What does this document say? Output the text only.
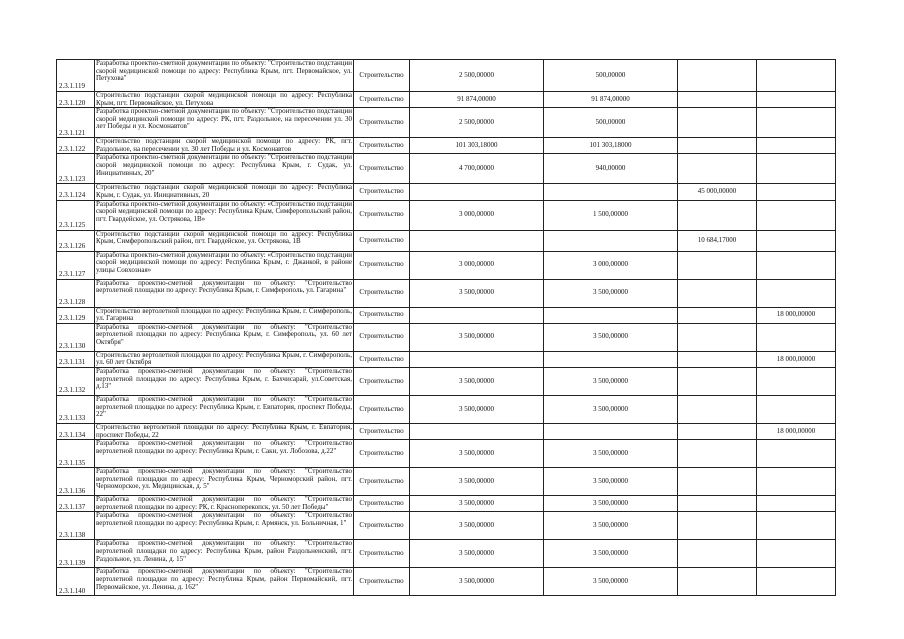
2.3.1.119	Разработка проектно-сметной документации по объекту: "Строительство подстанции скорой медицинской помощи по адресу: Республика Крым, пгт. Первомайское, ул. Петухова"	Строительство	2 500,00000	500,00000			
2.3.1.120	Строительство подстанции скорой медицинской помощи по адресу: Республика Крым, пгт. Первомайское, ул. Петухова	Строительство	91 874,00000	91 874,00000			
2.3.1.121	Разработка проектно-сметной документации по объекту: "Строительство подстанции скорой медицинской помощи по адресу: РК, пгт. Раздольное, на пересечении ул. 30 лет Победы и ул. Космонавтов"	Строительство	2 500,00000	500,00000			
2.3.1.122	Строительство подстанции скорой медицинской помощи по адресу: РК, пгт. Раздольное, на пересечении ул. 30 лет Победы и ул. Космонавтов	Строительство	101 303,18000	101 303,18000			
2.3.1.123	Разработка проектно-сметной документации по объекту: "Строительство подстанции скорой медицинской помощи по адресу: Республика Крым, г. Судак, ул. Инициативных, 20"	Строительство	4 700,00000	940,00000			
2.3.1.124	Строительство подстанции скорой медицинской помощи по адресу: Республика Крым, г. Судак, ул. Инициативных, 20	Строительство			45 000,00000		
2.3.1.125	Разработка проектно-сметной документации по объекту: «Строительство подстанции скорой медицинской помощи по адресу: Республика Крым, Симферопольский район, пгт. Гвардейское, ул. Острякова, 1В»	Строительство	3 000,00000	1 500,00000			
2.3.1.126	Строительство подстанции скорой медицинской помощи по адресу: Республика Крым, Симферопольский район, пгт. Гвардейское, ул. Острякова, 1В	Строительство			10 684,17000		
2.3.1.127	Разработка проектно-сметной документации по объекту: «Строительство подстанции скорой медицинской помощи по адресу: Республика Крым, г. Джанкой, в районе улицы Совхозная»	Строительство	3 000,00000	3 000,00000			
2.3.1.128	Разработка проектно-сметной документации по объекту: "Строительство вертолетной площадки по адресу: Республика Крым, г. Симферополь, ул. Гагарина"	Строительство	3 500,00000	3 500,00000			
2.3.1.129	Строительство вертолетной площадки по адресу: Республика Крым, г. Симферополь, ул. Гагарина	Строительство				18 000,00000	
2.3.1.130	Разработка проектно-сметной документации по объекту: "Строительство вертолетной площадки по адресу: Республика Крым, г. Симферополь, ул. 60 лет Октября"	Строительство	3 500,00000	3 500,00000			
2.3.1.131	Строительство вертолетной площадки по адресу: Республика Крым, г. Симферополь, ул. 60 лет Октября	Строительство				18 000,00000	
2.3.1.132	Разработка проектно-сметной документации по объекту: "Строительство вертолетной площадки по адресу: Республика Крым, г. Бахчисарай, ул.Советская, д.13"	Строительство	3 500,00000	3 500,00000			
2.3.1.133	Разработка проектно-сметной документации по объекту: "Строительство вертолетной площадки по адресу: Республика Крым, г. Евпатория, проспект Победы, 22"	Строительство	3 500,00000	3 500,00000			
2.3.1.134	Строительство вертолетной площадки по адресу: Республика Крым, г. Евпатория, проспект Победы, 22	Строительство				18 000,00000	
2.3.1.135	Разработка проектно-сметной документации по объекту: "Строительство вертолетной площадки по адресу: Республика Крым, г. Саки, ул. Лобозова, д.22"	Строительство	3 500,00000	3 500,00000			
2.3.1.136	Разработка проектно-сметной документации по объекту: "Строительство вертолетной площадки по адресу: Республика Крым, Черноморский район, пгт. Черноморское, ул. Медицинская, д. 5"	Строительство	3 500,00000	3 500,00000			
2.3.1.137	Разработка проектно-сметной документации по объекту: "Строительство вертолетной площадки по адресу: РК, г. Красноперекопск, ул. 50 лет Победы"	Строительство	3 500,00000	3 500,00000			
2.3.1.138	Разработка проектно-сметной документации по объекту: "Строительство вертолетной площадки по адресу: Республика Крым, г. Армянск, ул. Больничная, 1"	Строительство	3 500,00000	3 500,00000			
2.3.1.139	Разработка проектно-сметной документации по объекту: "Строительство вертолетной площадки по адресу: Республика Крым, район Раздольненский, пгт. Раздольное, ул. Ленина, д. 15"	Строительство	3 500,00000	3 500,00000			
2.3.1.140	Разработка проектно-сметной документации по объекту: "Строительство вертолетной площадки по адресу: Республика Крым, район Первомайский, пгт. Первомайское, ул. Ленина, д. 162"	Строительство	3 500,00000	3 500,00000			
